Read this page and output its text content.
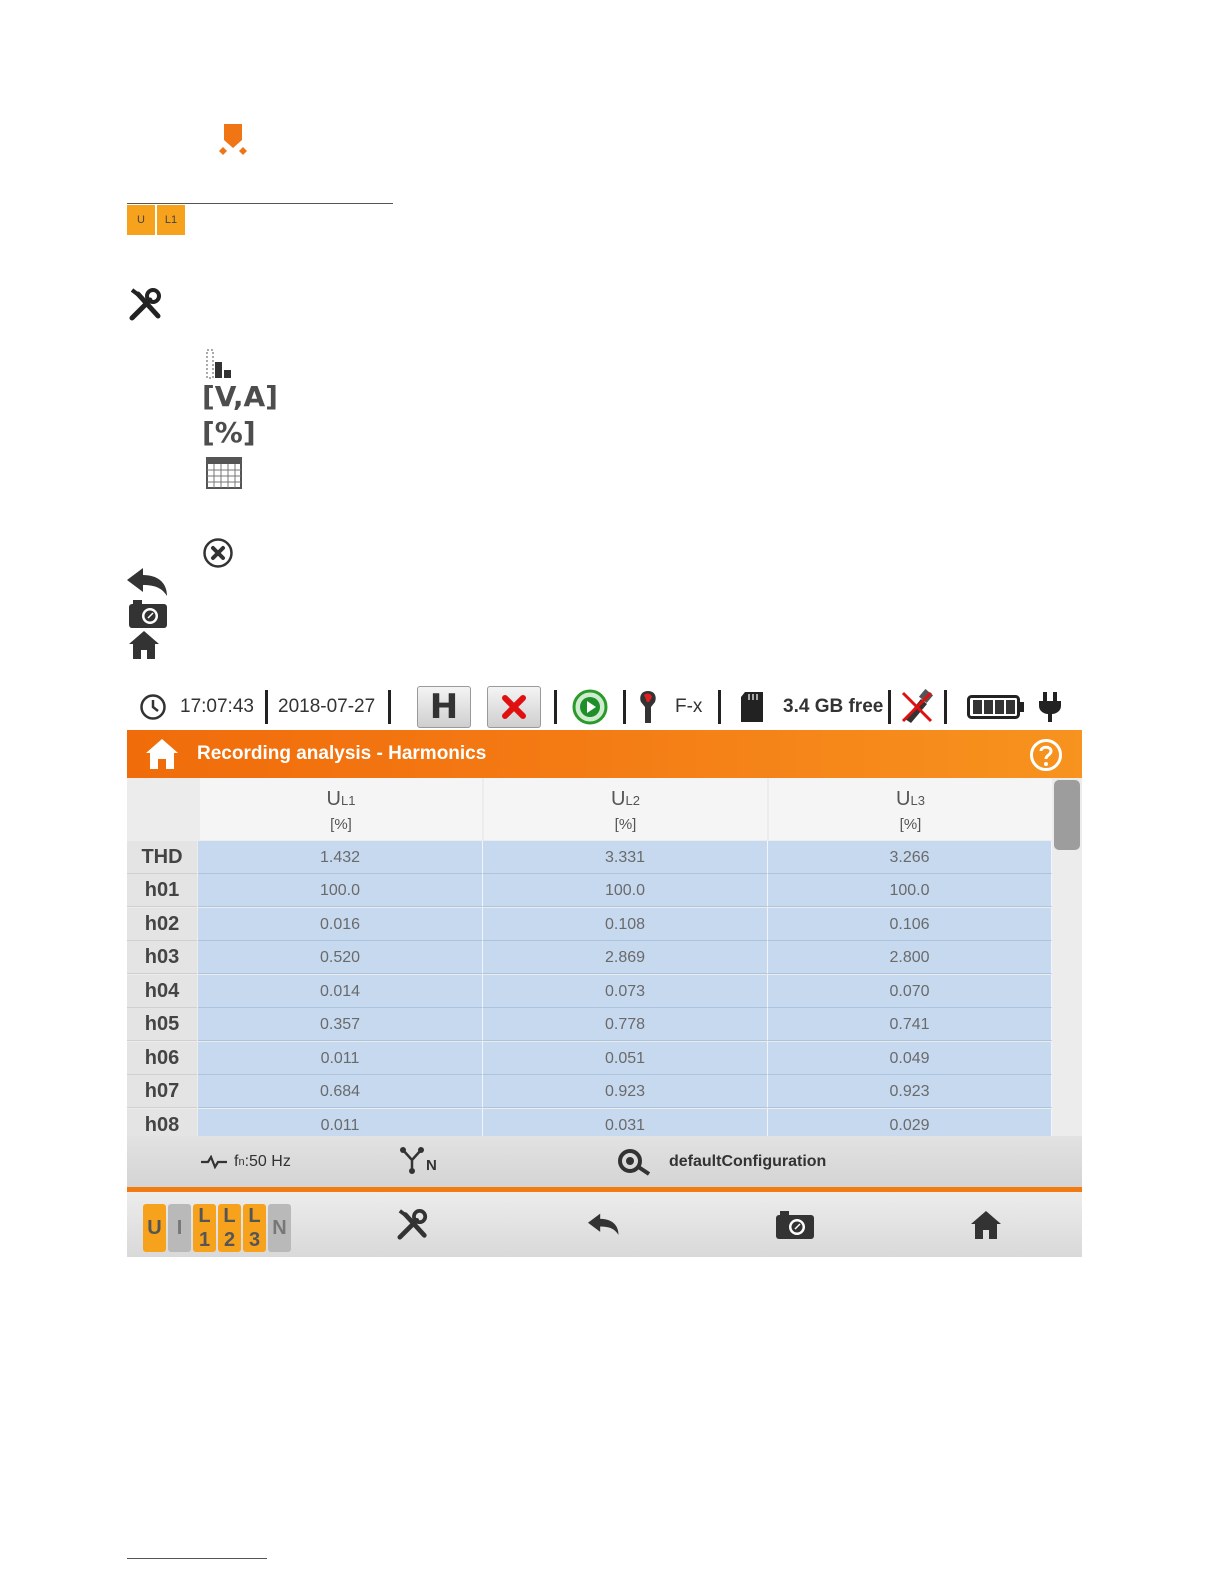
U	L1
[V,A]
[%]
17:07:43 2018-07-27 H	F-x	3.4 GB free
Recording analysis - Harmonics
UL1
[%]
UL2
[%]
UL3
[%]
THD	1.432	3.331	3.266
h01	100.0	100.0	100.0
h02	0.016	0.108	0.106
h03	0.520	2.869	2.800
h04	0.014	0.073	0.070
h05	0.357	0.778	0.741
h06	0.011	0.051	0.049
h07	0.684	0.923	0.923
h08	0.011	0.031	0.029
f n :50 Hz	N	defaultConfiguration
U I
L1
L2
L3
N
